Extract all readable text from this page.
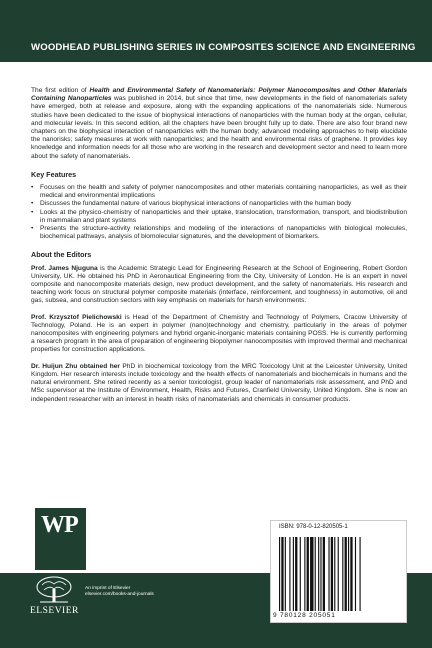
WOODHEAD PUBLISHING SERIES IN COMPOSITES SCIENCE AND ENGINEERING

The first edition of Health and Environmental Safety of Nanomaterials: Polymer Nanocomposites and Other Materials Containing Nanoparticles was published in 2014, but since that time, new developments in the field of nanomaterials safety have emerged, both at release and exposure, along with the expanding applications of the nanomaterials side. Numerous studies have been dedicated to the issue of biophysical interactions of nanoparticles with the human body at the organ, cellular, and molecular levels. In this second edition, all the chapters have been brought fully up to date. There are also four brand new chapters on the biophysical interaction of nanoparticles with the human body; advanced modeling approaches to help elucidate the nanorisks; safety measures at work with nanoparticles; and the health and environmental risks of graphene. It provides key knowledge and information needs for all those who are working in the research and development sector and need to learn more about the safety of nanomaterials.

Key Features
• Focuses on the health and safety of polymer nanocomposites and other materials containing nanoparticles, as well as their medical and environmental implications
• Discusses the fundamental nature of various biophysical interactions of nanoparticles with the human body
• Looks at the physico-chemistry of nanoparticles and their uptake, translocation, transformation, transport, and biodistribution in mammalian and plant systems
• Presents the structure-activity relationships and modeling of the interactions of nanoparticles with biological molecules, biochemical pathways, analysis of biomolecular signatures, and the development of biomarkers.
About the Editors

Prof. James Njuguna is the Academic Strategic Lead for Engineering Research at the School of Engineering, Robert Gordon University, UK. He obtained his PhD in Aeronautical Engineering from the City, University of London. He is an expert in novel composite and nanocomposite materials design, new product development, and the safety of nanomaterials. His research and teaching work focus on structural polymer composite materials (interface, reinforcement, and toughness) in automotive, oil and gas, subsea, and construction sectors with key emphasis on materials for harsh environments.

Prof. Krzysztof Pielichowski is Head of the Department of Chemistry and Technology of Polymers, Cracow University of Technology, Poland. He is an expert in polymer (nano)technology and chemistry, particularly in the areas of polymer nanocomposites with engineering polymers and hybrid organic-inorganic materials containing POSS. He is currently performing a research program in the area of preparation of engineering biopolymer nanocomposites with improved thermal and mechanical properties for construction applications.

Dr. Huijun Zhu obtained her PhD in biochemical toxicology from the MRC Toxicology Unit at the Leicester University, United Kingdom. Her research interests include toxicology and the health effects of nanomaterials and biochemicals in humans and the natural environment. She retired recently as a senior toxicologist, group leader of nanomaterials risk assessment, and PhD and MSc supervisor at the Institute of Environment, Health, Risks and Futures, Cranfield University, United Kingdom. She is now an independent researcher with an interest in health risks of nanomaterials and chemicals in consumer products.

WP
WOODHEAD
PUBLISHING
ELSEVIER
An imprint of Elsevier
elsevier.com/books-and-journals
ISBN: 978-0-12-820505-1
9 780128 205051
